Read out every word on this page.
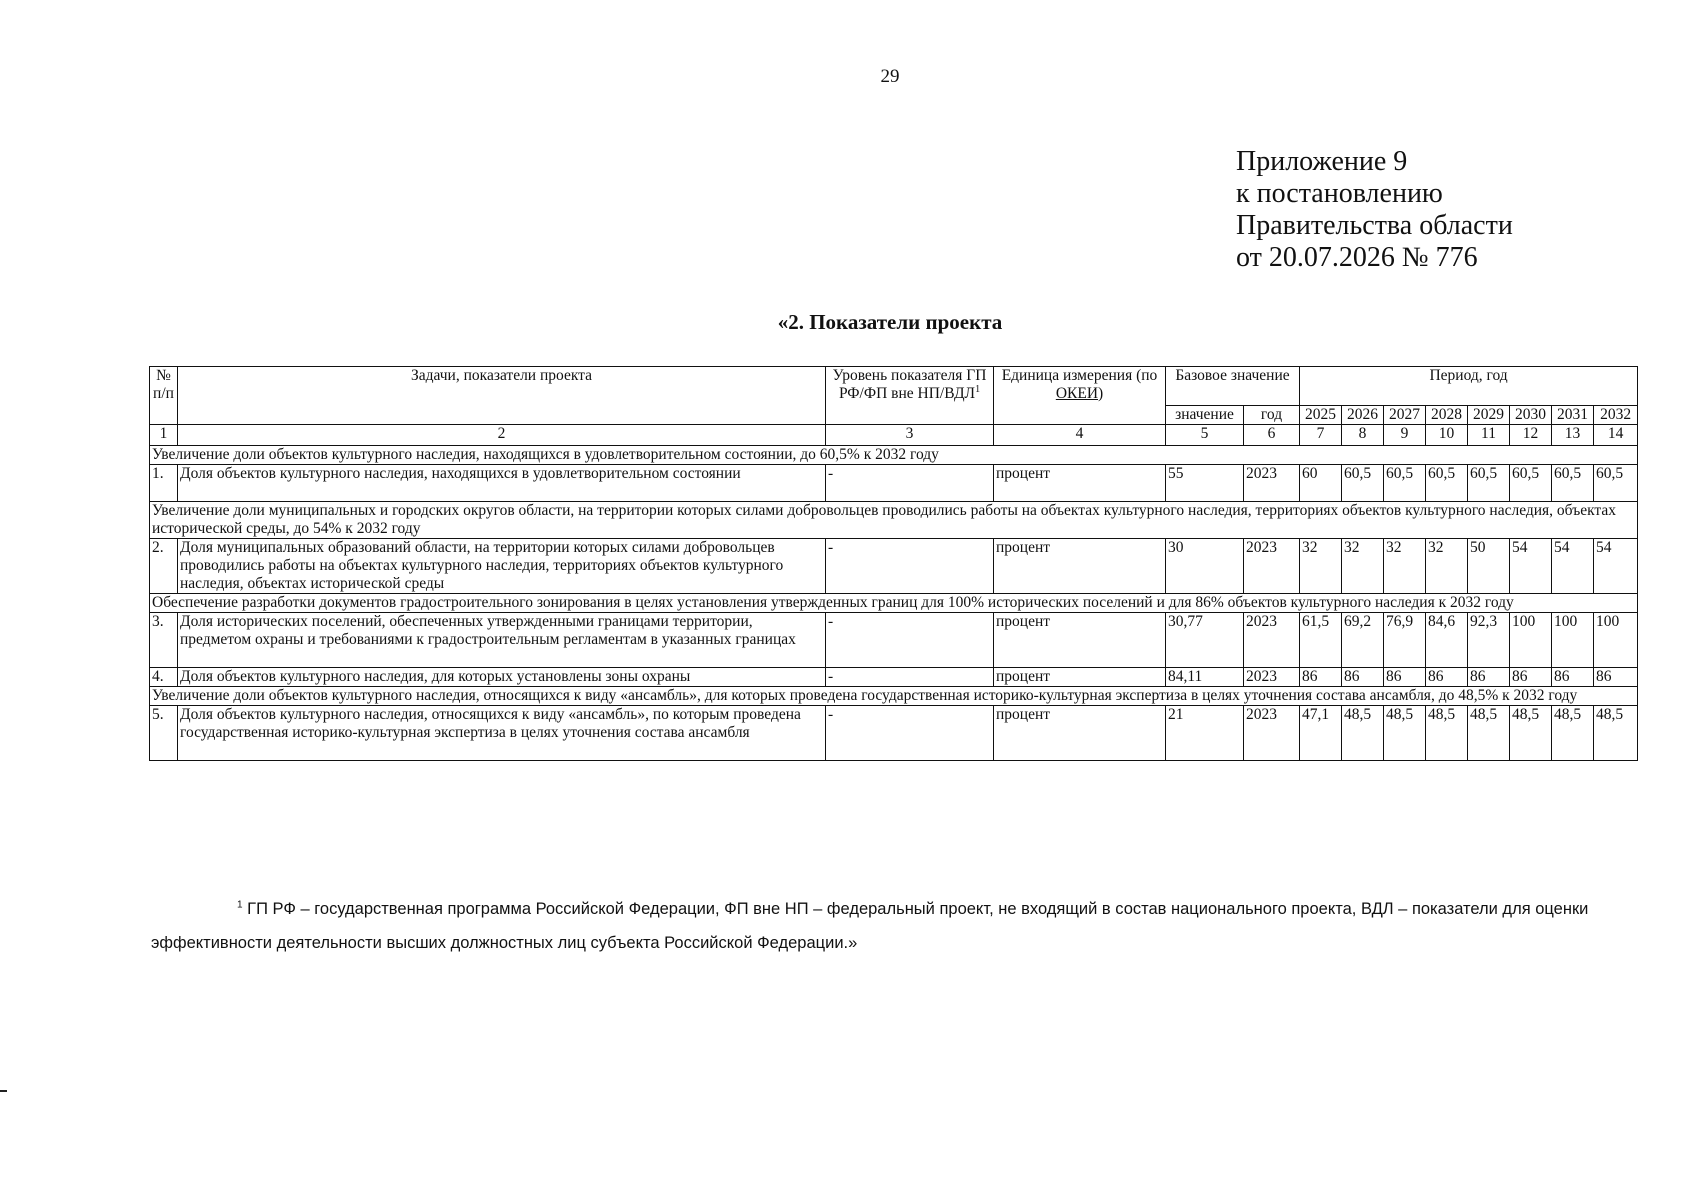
29
Приложение 9
к постановлению
Правительства области
от 20.07.2026 № 776
«2. Показатели проекта
№ п/п	Задачи, показатели проекта	Уровень показателя ГП РФ/ФП вне НП/ВДЛ$^1$	Единица измерения (по ОКЕИ)	Базовое значение		Период, год							
				значение	год	2025	2026	2027	2028	2029	2030	2031	2032
1	2	3	4	5	6	7	8	9	10	11	12	13	14
Увеличение доли объектов культурного наследия, находящихся в удовлетворительном состоянии, до 60,5% к 2032 году													
1.	Доля объектов культурного наследия, находящихся в удовлетворительном состоянии	-	процент	55	2023	60	60,5	60,5	60,5	60,5	60,5	60,5	60,5
Увеличение доли муниципальных и городских округов области, на территории которых силами добровольцев проводились работы на объектах культурного наследия, территориях объектов культурного наследия, объектах исторической среды, до 54% к 2032 году													
2.	Доля муниципальных образований области, на территории которых силами добровольцев проводились работы на объектах культурного наследия, территориях объектов культурного наследия, объектах исторической среды	-	процент	30	2023	32	32	32	32	50	54	54	54
Обеспечение разработки документов градостроительного зонирования в целях установления утвержденных границ для 100% исторических поселений и для 86% объектов культурного наследия к 2032 году													
3.	Доля исторических поселений, обеспеченных утвержденными границами территории, предметом охраны и требованиями к градостроительным регламентам в указанных границах	-	процент	30,77	2023	61,5	69,2	76,9	84,6	92,3	100	100	100
4.	Доля объектов культурного наследия, для которых установлены зоны охраны	-	процент	84,11	2023	86	86	86	86	86	86	86	86
Увеличение доли объектов культурного наследия, относящихся к виду «ансамбль», для которых проведена государственная историко-культурная экспертиза в целях уточнения состава ансамбля, до 48,5% к 2032 году													
5.	Доля объектов культурного наследия, относящихся к виду «ансамбль», по которым проведена государственная историко-культурная экспертиза в целях уточнения состава ансамбля	-	процент	21	2023	47,1	48,5	48,5	48,5	48,5	48,5	48,5	48,5
$^1$ ГП РФ – государственная программа Российской Федерации, ФП вне НП – федеральный проект, не входящий в состав национального проекта, ВДЛ – показатели для оценки эффективности деятельности высших должностных лиц субъекта Российской Федерации.»
